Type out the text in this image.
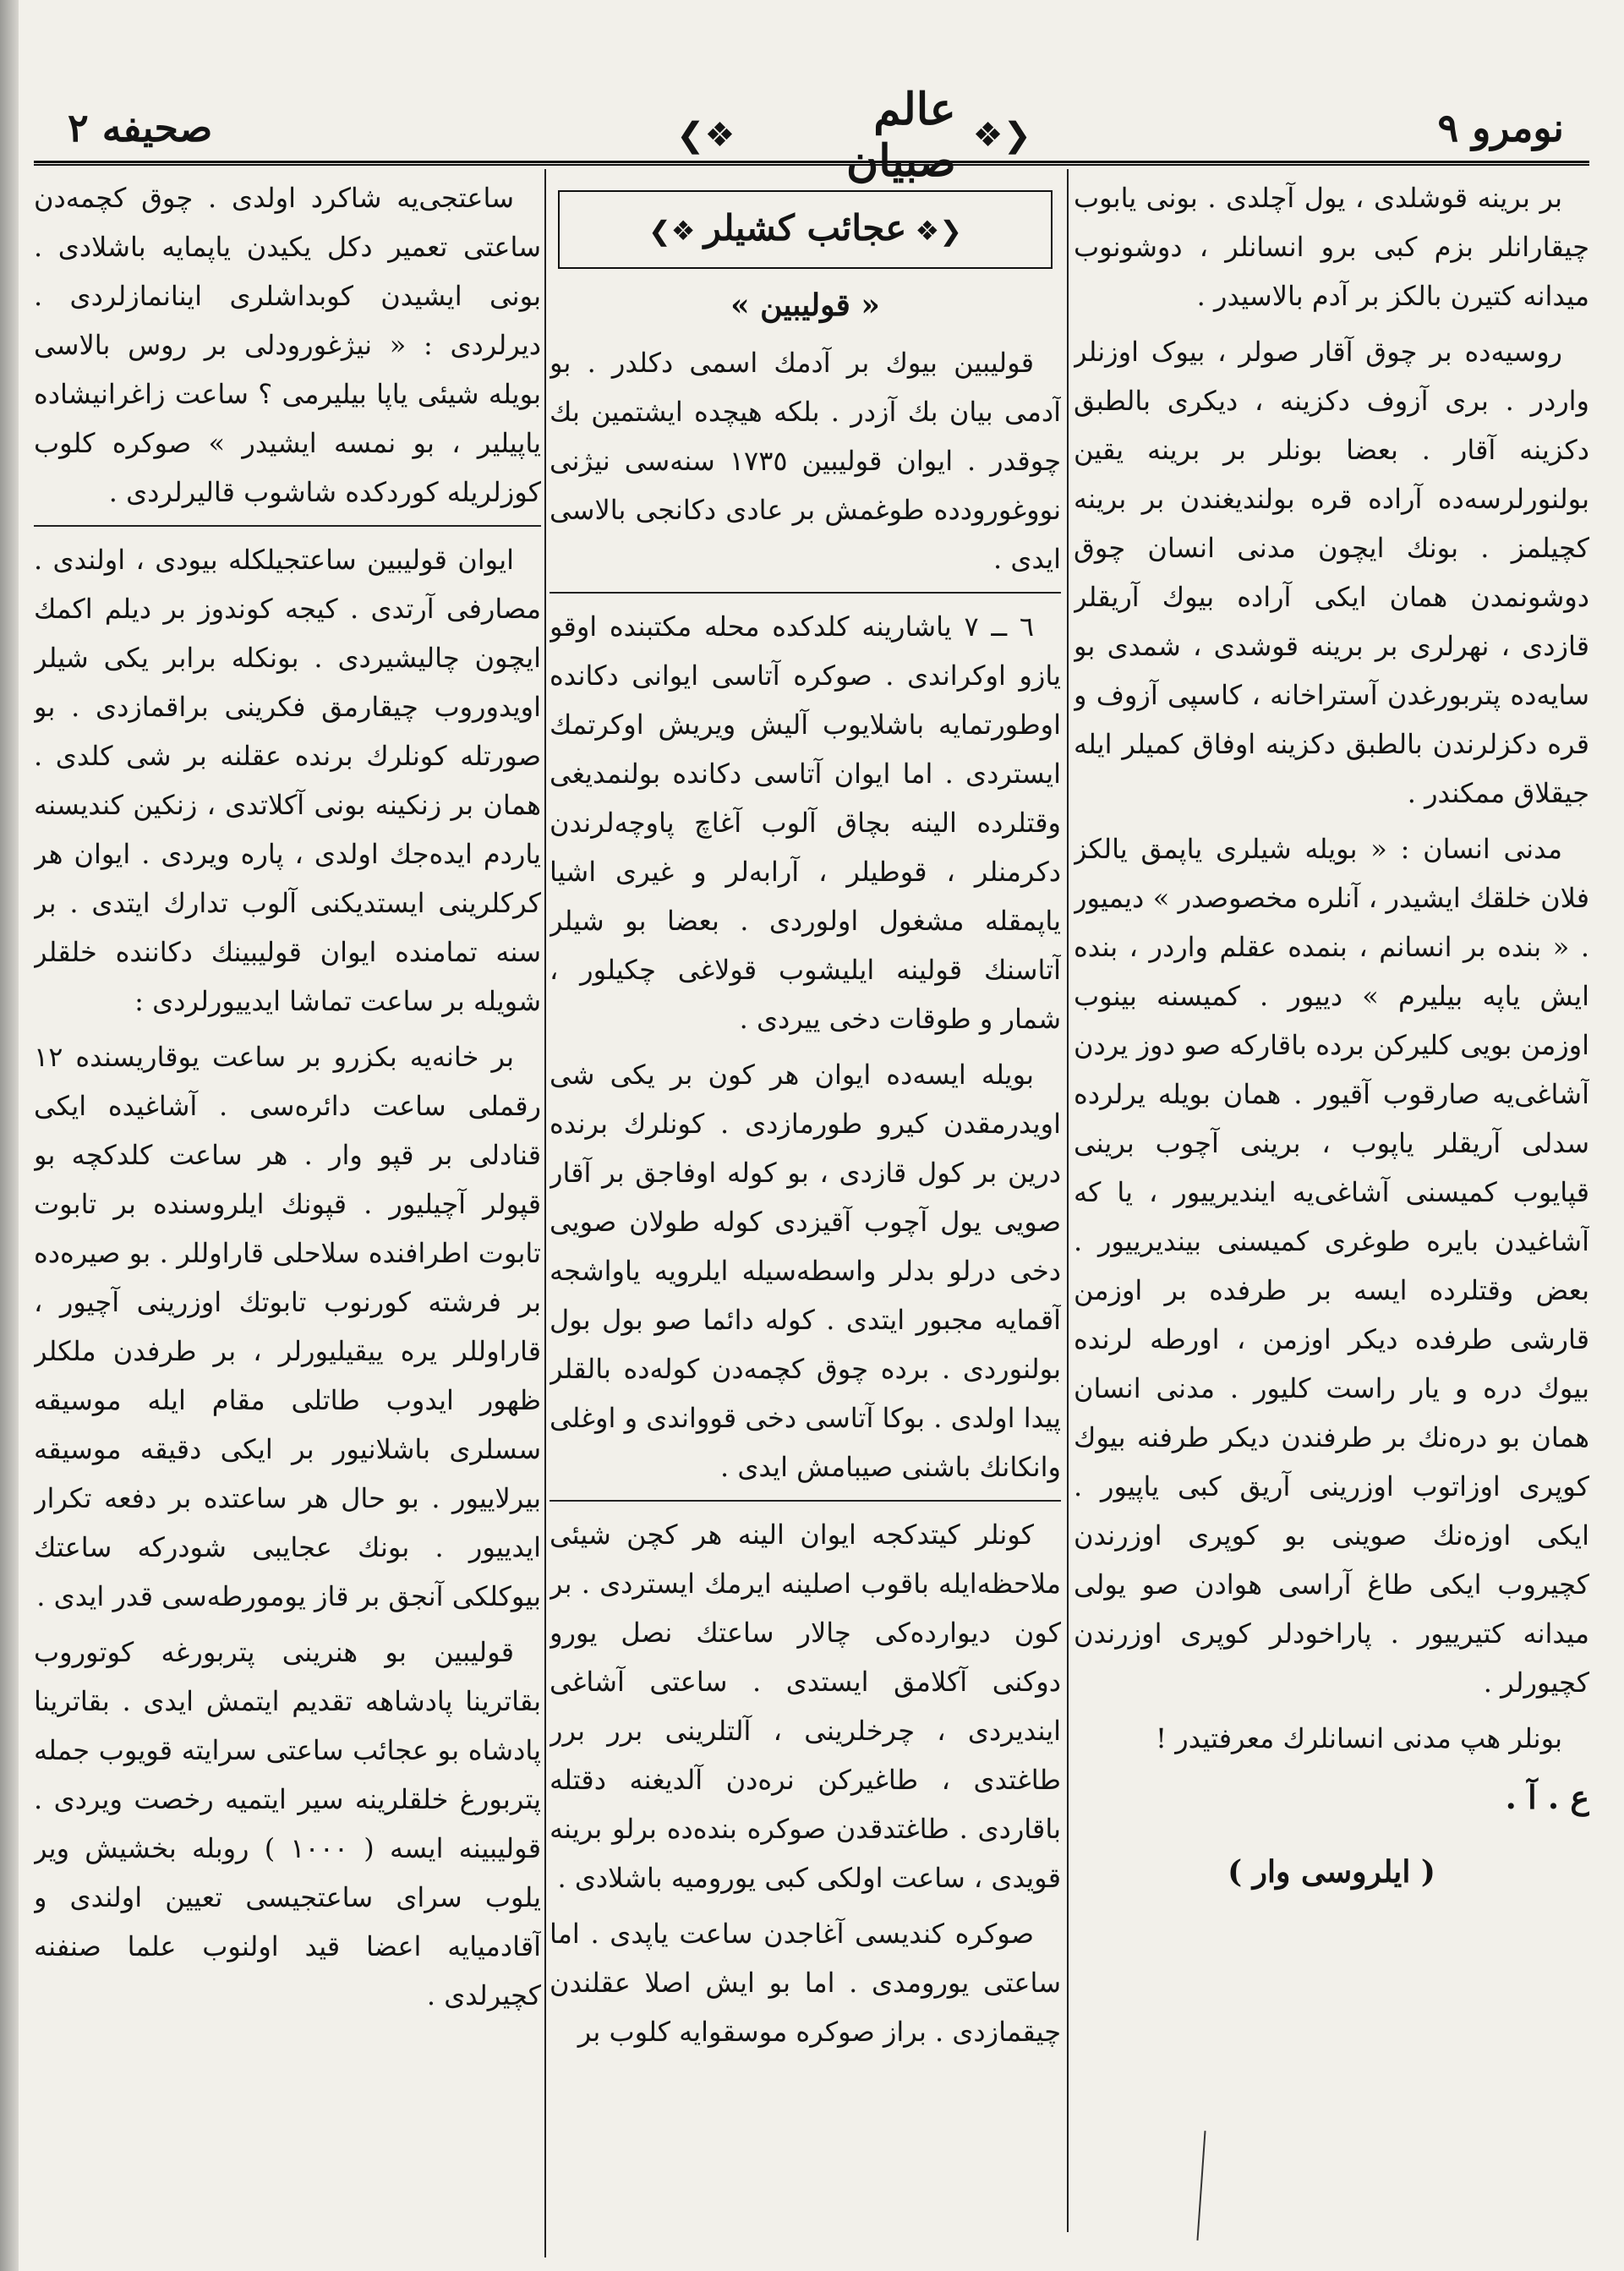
صحیفه ٢	❮❖	عالم صبیان ❖❯	نومرو ٩

بر برینه قوشلدی ، یول آچلدی . بونی یابوب چیقارانلر بزم کبی برو انسانلر ، دوشونوب میدانه کتیرن بالکز بر آدم بالاسیدر .

روسیه‌ده بر چوق آقار صولر ، بیوک اوزنلر واردر . بری آزوف دکزینه ، دیکری بالطبق دکزینه آقار . بعضا بونلر بر برینه یقین بولنورلرسه‌ده آراده قره بولندیغندن بر برینه کچیلمز . بونك ایچون مدنی انسان چوق دوشونمدن همان ایکی آراده بیوك آریقلر قازدی ، نهرلری بر برینه قوشدی ، شمدی بو سایه‌ده پتربورغدن آستراخانه ، کاسپی آزوف و قره دکزلرندن بالطبق دکزینه اوفاق کمیلر ایله جیقلاق ممکندر .

مدنی انسان : « بویله شیلری یاپمق یالکز فلان خلقك ایشیدر ، آنلره مخصوصدر » دیمیور . « بنده بر انسانم ، بنمده عقلم واردر ، بنده ایش یاپه بیلیرم » دییور . کمیسنه بینوب اوزمن بویی کلیرکن برده باقارکه صو دوز یردن آشاغی‌یه صارقوب آقیور . همان بویله یرلرده سدلی آریقلر یاپوب ، برینی آچوب برینی قپایوب کمیسنی آشاغی‌یه اینديریيور ، یا که آشاغیدن بایره طوغری کمیسنی بینديریيور . بعض وقتلرده ایسه بر طرفده بر اوزمن قارشی طرفده دیکر اوزمن ، اورطه لرنده بیوك دره و یار راست کلیور . مدنی انسان همان بو دره‌نك بر طرفندن دیکر طرفنه بیوك کوپری اوزاتوب اوزرینی آریق کبی یاپیور . ایکی اوزه‌نك صوینی بو کوپری اوزرندن کچیروب ایکی طاغ آراسی هوادن صو یولی میدانه کتیریيور . پاراخودلر کوپری اوزرندن کچیورلر .

بونلر هپ مدنی انسانلرك معرفتیدر !

ع . آ .

( ایلروسی وار )
❮❖ عجائب کشیلر ❖❯
« قولیبین »

قولیبین بیوك بر آدمك اسمی دکلدر . بو آدمی بیان بك آزدر . بلکه هیچده ایشتمین بك چوقدر . ایوان قولیبین ١٧٣٥ سنه‌سی نیژنی نووغورودده طوغمش بر عادی دکانجی بالاسی ایدی .

٦ ــ ٧ یاشارینه کلدکده محله مکتبنده اوقو یازو اوکراندی . صوکره آتاسی ایوانی دکانده اوطورتمایه باشلایوب آلیش ویریش اوکرتمك ایستردی . اما ایوان آتاسی دکانده بولنمدیغی وقتلرده الینه بچاق آلوب آغاچ پاوچه‌لرندن دکرمنلر ، قوطیلر ، آرابه‌لر و غیری اشیا یاپمقله مشغول اولوردی . بعضا بو شیلر آتاسنك قولینه ایلیشوب قولاغی چکیلور ، شمار و طوقات دخی ییردی .

بویله ایسه‌ده ایوان هر کون بر یکی شی اویدرمقدن کیرو طورمازدی . کونلرك برنده درین بر کول قازدی ، بو کوله اوفاجق بر آقار صویی یول آچوب آقیزدی کوله طولان صویی دخی درلو بدلر واسطه‌سیله ایلرویه یاواشجه آقمایه مجبور ایتدی . کوله دائما صو بول بول بولنوردی . برده چوق کچمه‌دن کوله‌ده بالقلر پیدا اولدی . بوکا آتاسی دخی قوواندی و اوغلی وانکانك باشنی صیبامش ایدی .

کونلر کیتدکجه ایوان الینه هر کچن شیئی ملاحظه‌ایله باقوب اصلینه ایرمك ایستردی . بر کون دیوارده‌کی چالار ساعتك نصل یورو دوکنی آکلامق ایستدی . ساعتی آشاغی ایندیردی ، چرخلرینی ، آلتلرینی برر برر طاغتدی ، طاغیرکن نره‌دن آلدیغنه دقتله باقاردی . طاغتدقدن صوکره بنده‌ده برلو برینه قویدی ، ساعت اولکی کبی یورومیه باشلادی .

صوکره کندیسی آغاجدن ساعت یاپدی . اما ساعتی یورومدی . اما بو ایش اصلا عقلندن چیقمازدی . براز صوکره موسقوایه کلوب بر

ساعتجی‌یه شاکرد اولدی . چوق کچمه‌دن ساعتی تعمیر دکل یکیدن یاپمایه باشلادی . بونی ایشیدن کوبداشلری اینانمازلردی . دیرلردی : « نیژغورودلی بر روس بالاسی بویله شیئی یاپا بیلیرمی ؟ ساعت زاغرانیشاده یاپیلیر ، بو نمسه ایشیدر » صوکره کلوب کوزلریله کوردکده شاشوب قالیرلردی .

ایوان قولیبین ساعتجیلکله بیودی ، اولندی . مصارفی آرتدی . کیجه کوندوز بر دیلم اکمك ایچون چالیشیردی . بونکله برابر یکی شیلر اویدوروب چیقارمق فکرینی براقمازدی . بو صورتله کونلرك برنده عقلنه بر شی کلدی . همان بر زنکینه بونی آکلاتدی ، زنکین کندیسنه یاردم ایده‌جك اولدی ، پاره ویردی . ایوان هر کرکلرینی ایستدیکنی آلوب تدارك ایتدی . بر سنه تمامنده ایوان قولیبینك دکاننده خلقلر شویله بر ساعت تماشا ایدییورلردی :

بر خانه‌یه بکزرو بر ساعت یوقاریسنده ١٢ رقملی ساعت دائره‌سی . آشاغیده ایکی قنادلی بر قپو وار . هر ساعت کلدکچه بو قپولر آچیلیور . قپونك ایلروسنده بر تابوت تابوت اطرافنده سلاحلی قاراوللر . بو صیره‌ده بر فرشته کورنوب تابوتك اوزرینی آچیور ، قاراوللر یره ییقیلیورلر ، بر طرفدن ملکلر ظهور ایدوب طاتلی مقام ایله موسیقه سسلری باشلانیور بر ایکی دقیقه موسیقه بیرلاییور . بو حال هر ساعتده بر دفعه تکرار ایدییور . بونك عجایبی شودرکه ساعتك بیوکلکی آنجق بر قاز یومورطه‌سی قدر ایدی .

قولیبین بو هنرینی پتربورغه کوتوروب بقاترینا پادشاهه تقدیم ایتمش ایدی . بقاترینا پادشاه بو عجائب ساعتی سرایته قویوب جمله پتربورغ خلقلرینه سیر ایتمیه رخصت ویردی . قولیبینه ایسه ( ١٠٠٠ ) روبله بخشیش ویر یلوب سرای ساعتجیسی تعیین اولندی و آقادمیایه اعضا قید اولنوب علما صنفنه کچیرلدی .
